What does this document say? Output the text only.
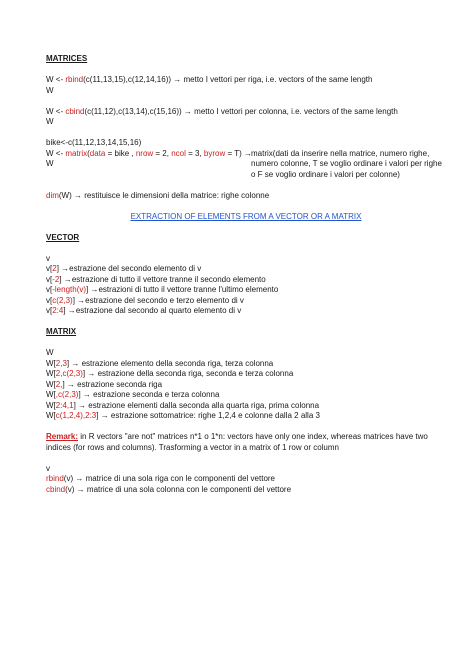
MATRICES
W <- rbind(c(11,13,15),c(12,14,16)) → metto I vettori per riga, i.e. vectors of the same length
W
W <- cbind(c(11,12),c(13,14),c(15,16)) → metto I vettori per colonna, i.e. vectors of the same length
W
bike<-c(11,12,13,14,15,16)
W <- matrix(data = bike , nrow = 2, ncol = 3, byrow = T) →
W
matrix(dati da inserire nella matrice, numero righe, numero colonne, T se voglio ordinare i valori per righe o F se voglio ordinare i valori per colonne)
dim(W) → restituisce le dimensioni della matrice: righe colonne
EXTRACTION OF ELEMENTS FROM A VECTOR OR A MATRIX
VECTOR
v
v[2] →estrazione del secondo elemento di v
v[-2] →estrazione di tutto il vettore tranne il secondo elemento
v[-length(v)] →estrazioni di tutto il vettore tranne l'ultimo elemento
v[c(2,3)] →estrazione del secondo e terzo elemento di v
v[2:4] →estrazione dal secondo al quarto elemento di v
MATRIX
W
W[2,3] → estrazione elemento della seconda riga, terza colonna
W[2,c(2,3)] → estrazione della seconda riga, seconda e terza colonna
W[2,] → estrazione seconda riga
W[,c(2,3)] → estrazione seconda e terza colonna
W[2:4,1] → estrazione elementi dalla seconda alla quarta riga, prima colonna
W[c(1,2,4),2:3] → estrazione sottomatrice: righe 1,2,4 e colonne dalla 2 alla 3
Remark: in R vectors "are not" matrices n*1 o 1*n: vectors have only one index, whereas matrices have two indices (for rows and columns). Trasforming a vector in a matrix of 1 row or column
v
rbind(v) → matrice di una sola riga con le componenti del vettore
cbind(v) → matrice di una sola colonna con le componenti del vettore
